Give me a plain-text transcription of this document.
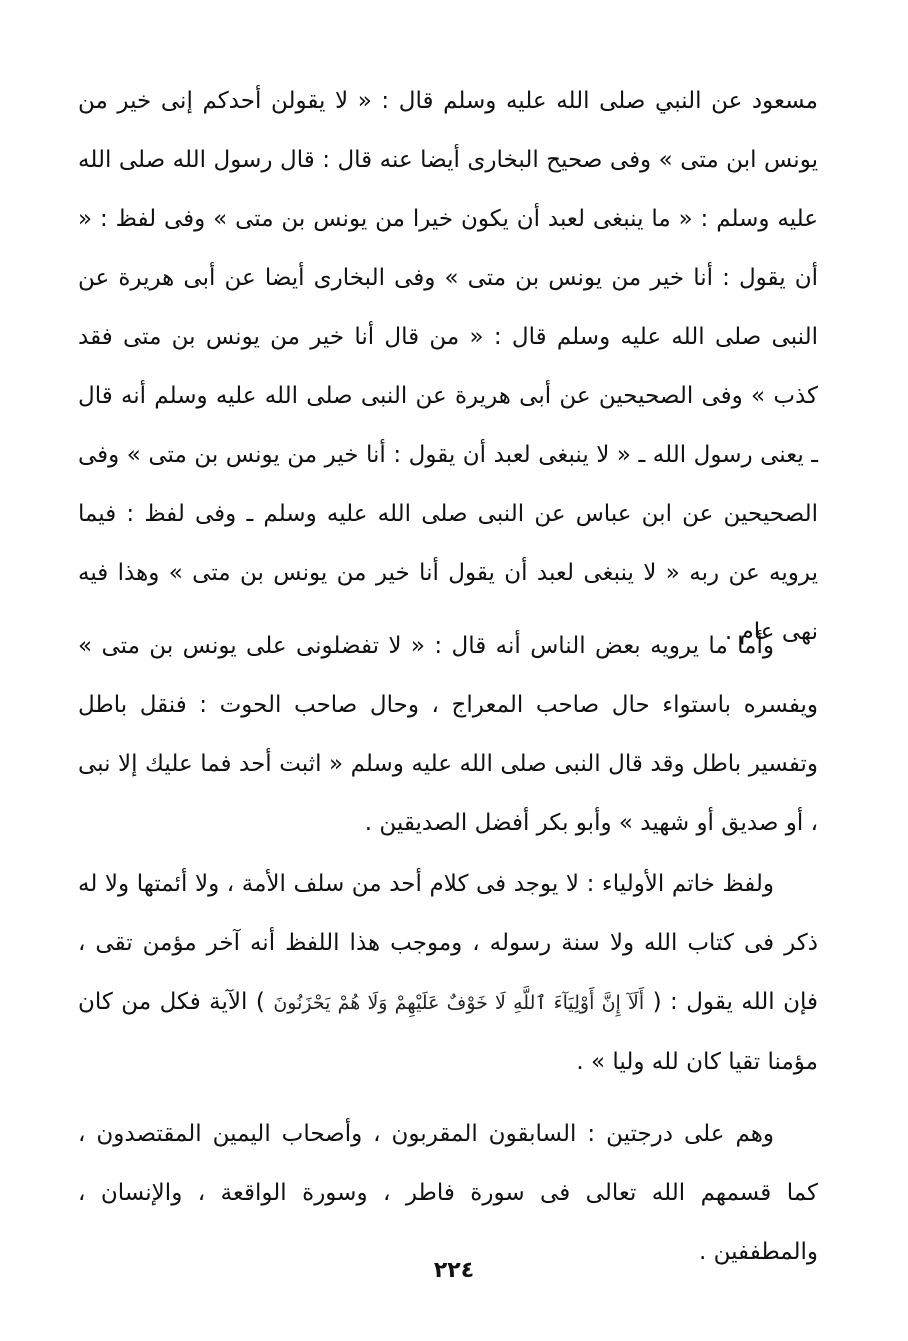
مسعود عن النبي صلى الله عليه وسلم قال : « لا يقولن أحدكم إنى خير من يونس ابن متى » وفى صحيح البخارى أيضا عنه قال : قال رسول الله صلى الله عليه وسلم : « ما ينبغى لعبد أن يكون خيرا من يونس بن متى » وفى لفظ : « أن يقول : أنا خير من يونس بن متى » وفى البخارى أيضا عن أبى هريرة عن النبى صلى الله عليه وسلم قال : « من قال أنا خير من يونس بن متى فقد كذب » وفى الصحيحين عن أبى هريرة عن النبى صلى الله عليه وسلم أنه قال ـ يعنى رسول الله ـ « لا ينبغى لعبد أن يقول : أنا خير من يونس بن متى » وفى الصحيحين عن ابن عباس عن النبى صلى الله عليه وسلم ـ وفى لفظ : فيما يرويه عن ربه « لا ينبغى لعبد أن يقول أنا خير من يونس بن متى » وهذا فيه نهى عام .

وأما ما يرويه بعض الناس أنه قال : « لا تفضلونى على يونس بن متى » ويفسره باستواء حال صاحب المعراج ، وحال صاحب الحوت : فنقل باطل وتفسير باطل وقد قال النبى صلى الله عليه وسلم « اثبت أحد فما عليك إلا نبى ، أو صديق أو شهيد » وأبو بكر أفضل الصديقين .

ولفظ خاتم الأولياء : لا يوجد فى كلام أحد من سلف الأمة ، ولا أئمتها ولا له ذكر فى كتاب الله ولا سنة رسوله ، وموجب هذا اللفظ أنه آخر مؤمن تقى ، فإن الله يقول : ( أَلَآ إِنَّ أَوْلِيَآءَ ٱللَّهِ لَا خَوْفٌ عَلَيْهِمْ وَلَا هُمْ يَحْزَنُونَ ) الآية فكل من كان مؤمنا تقيا كان لله وليا » .

وهم على درجتين : السابقون المقربون ، وأصحاب اليمين المقتصدون ، كما قسمهم الله تعالى فى سورة فاطر ، وسورة الواقعة ، والإنسان ، والمطففين .

٢٢٤
